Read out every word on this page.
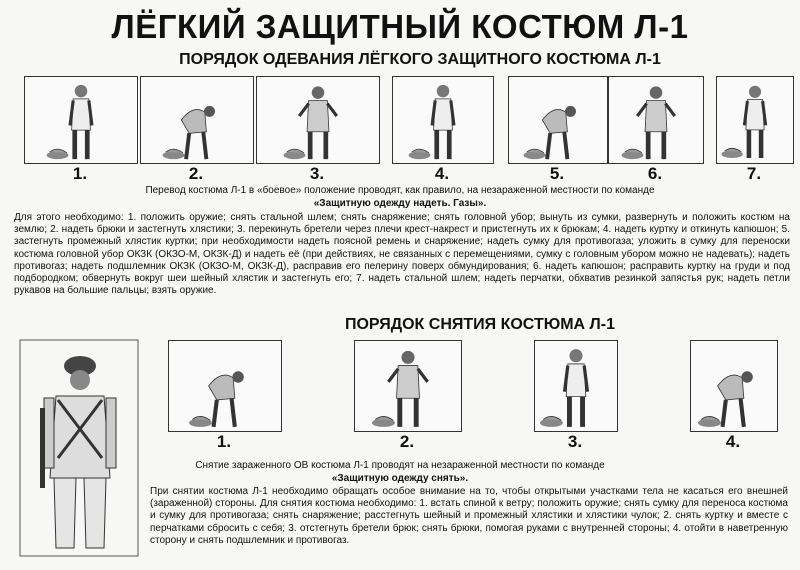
ЛЁГКИЙ ЗАЩИТНЫЙ КОСТЮМ Л-1
ПОРЯДОК ОДЕВАНИЯ ЛЁГКОГО ЗАЩИТНОГО КОСТЮМА Л-1
1.	2.	3.	4.	5.	6.	7.
Перевод костюма Л-1 в «боевое» положение проводят, как правило, на незараженной местности по команде
«Защитную одежду надеть. Газы».
Для этого необходимо: 1. положить оружие; снять стальной шлем; снять снаряжение; снять головной убор; вынуть из сумки, развернуть и положить костюм на землю; 2. надеть брюки и застегнуть хлястики; 3. перекинуть бретели через плечи крест-накрест и пристегнуть их к брюкам; 4. надеть куртку и откинуть капюшон; 5. застегнуть промежный хлястик куртки; при необходимости надеть поясной ремень и снаряжение; надеть сумку для противогаза; уложить в сумку для переноски костюма головной убор ОКЗК (ОКЗО-М, ОКЗК-Д) и надеть её (при действиях, не связанных с перемещениями, сумку с головным убором можно не надевать); надеть противогаз; надеть подшлемник ОКЗК (ОКЗО-М, ОКЗК-Д), расправив его пелерину поверх обмундирования; 6. надеть капюшон; расправить куртку на груди и под подбородком; обвернуть вокруг шеи шейный хлястик и застегнуть его; 7. надеть стальной шлем; надеть перчатки, обхватив резинкой запястья рук; надеть петли рукавов на большие пальцы; взять оружие.
ПОРЯДОК СНЯТИЯ КОСТЮМА Л-1
1.	2.	3.	4.
Снятие зараженного ОВ костюма Л-1 проводят на незараженной местности по команде
«Защитную одежду снять».
При снятии костюма Л-1 необходимо обращать особое внимание на то, чтобы открытыми участками тела не касаться его внешней (зараженной) стороны. Для снятия костюма необходимо: 1. встать спиной к ветру; положить оружие; снять сумку для переноса костюма и сумку для противогаза; снять снаряжение; расстегнуть шейный и промежный хлястики и хлястики чулок; 2. снять куртку и вместе с перчатками сбросить с себя; 3. отстегнуть бретели брюк; снять брюки, помогая руками с внутренней стороны; 4. отойти в наветренную сторону и снять подшлемник и противогаз.
